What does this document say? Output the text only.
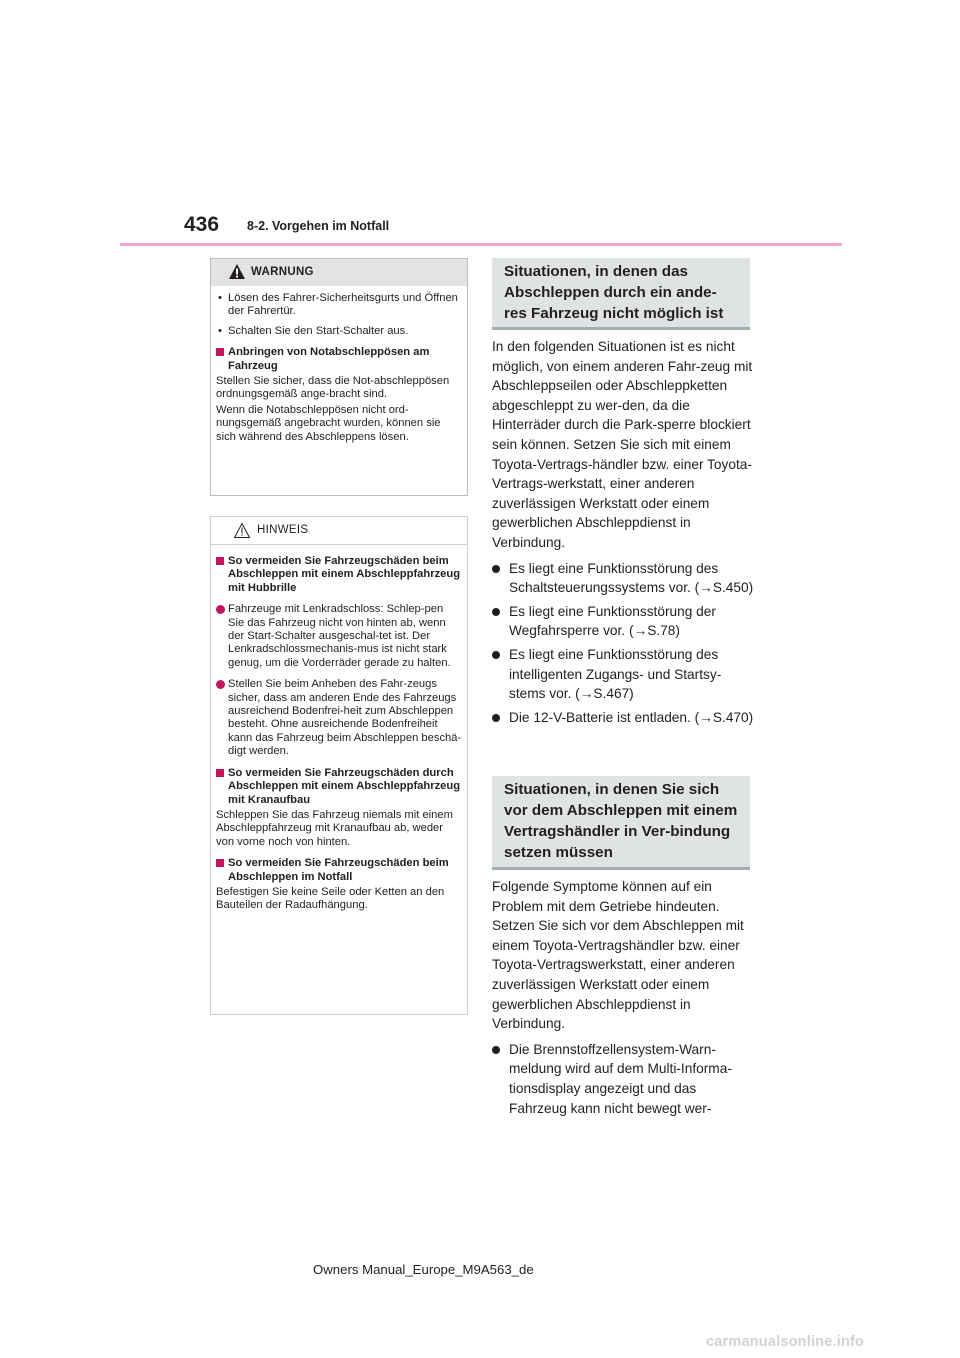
436 8-2. Vorgehen im Notfall
WARNUNG
• Lösen des Fahrer-Sicherheitsgurts und Öffnen der Fahrertür.
• Schalten Sie den Start-Schalter aus.
Anbringen von Notabschleppösen am Fahrzeug
Stellen Sie sicher, dass die Not-abschleppösen ordnungsgemäß ange-bracht sind.
Wenn die Notabschleppösen nicht ord-nungsgemäß angebracht wurden, können sie sich während des Abschleppens lösen.
HINWEIS
So vermeiden Sie Fahrzeugschäden beim Abschleppen mit einem Abschleppfahrzeug mit Hubbrille
Fahrzeuge mit Lenkradschloss: Schlep-pen Sie das Fahrzeug nicht von hinten ab, wenn der Start-Schalter ausgeschal-tet ist. Der Lenkradschlossmechanis-mus ist nicht stark genug, um die Vorderräder gerade zu halten.
Stellen Sie beim Anheben des Fahr-zeugs sicher, dass am anderen Ende des Fahrzeugs ausreichend Bodenfrei-heit zum Abschleppen besteht. Ohne ausreichende Bodenfreiheit kann das Fahrzeug beim Abschleppen beschä-digt werden.
So vermeiden Sie Fahrzeugschäden durch Abschleppen mit einem Abschleppfahrzeug mit Kranaufbau
Schleppen Sie das Fahrzeug niemals mit einem Abschleppfahrzeug mit Kranaufbau ab, weder von vorne noch von hinten.
So vermeiden Sie Fahrzeugschäden beim Abschleppen im Notfall
Befestigen Sie keine Seile oder Ketten an den Bauteilen der Radaufhängung.
Situationen, in denen das Abschleppen durch ein ande-res Fahrzeug nicht möglich ist

In den folgenden Situationen ist es nicht möglich, von einem anderen Fahr-zeug mit Abschleppseilen oder Abschleppketten abgeschleppt zu wer-den, da die Hinterräder durch die Park-sperre blockiert sein können. Setzen Sie sich mit einem Toyota-Vertrags-händler bzw. einer Toyota-Vertrags-werkstatt, einer anderen zuverlässigen Werkstatt oder einem gewerblichen Abschleppdienst in Verbindung.

Es liegt eine Funktionsstörung des Schaltsteuerungssystems vor. (→S.450)
Es liegt eine Funktionsstörung der Wegfahrsperre vor. (→S.78)
Es liegt eine Funktionsstörung des intelligenten Zugangs- und Startsy-stems vor. (→S.467)
Die 12-V-Batterie ist entladen. (→S.470)
Situationen, in denen Sie sich vor dem Abschleppen mit einem Vertragshändler in Ver-bindung setzen müssen

Folgende Symptome können auf ein Problem mit dem Getriebe hindeuten. Setzen Sie sich vor dem Abschleppen mit einem Toyota-Vertragshändler bzw. einer Toyota-Vertragswerkstatt, einer anderen zuverlässigen Werkstatt oder einem gewerblichen Abschleppdienst in Verbindung.

Die Brennstoffzellensystem-Warn-meldung wird auf dem Multi-Informa-tionsdisplay angezeigt und das Fahrzeug kann nicht bewegt wer-
Owners Manual_Europe_M9A563_de
carmanualsonline.info
